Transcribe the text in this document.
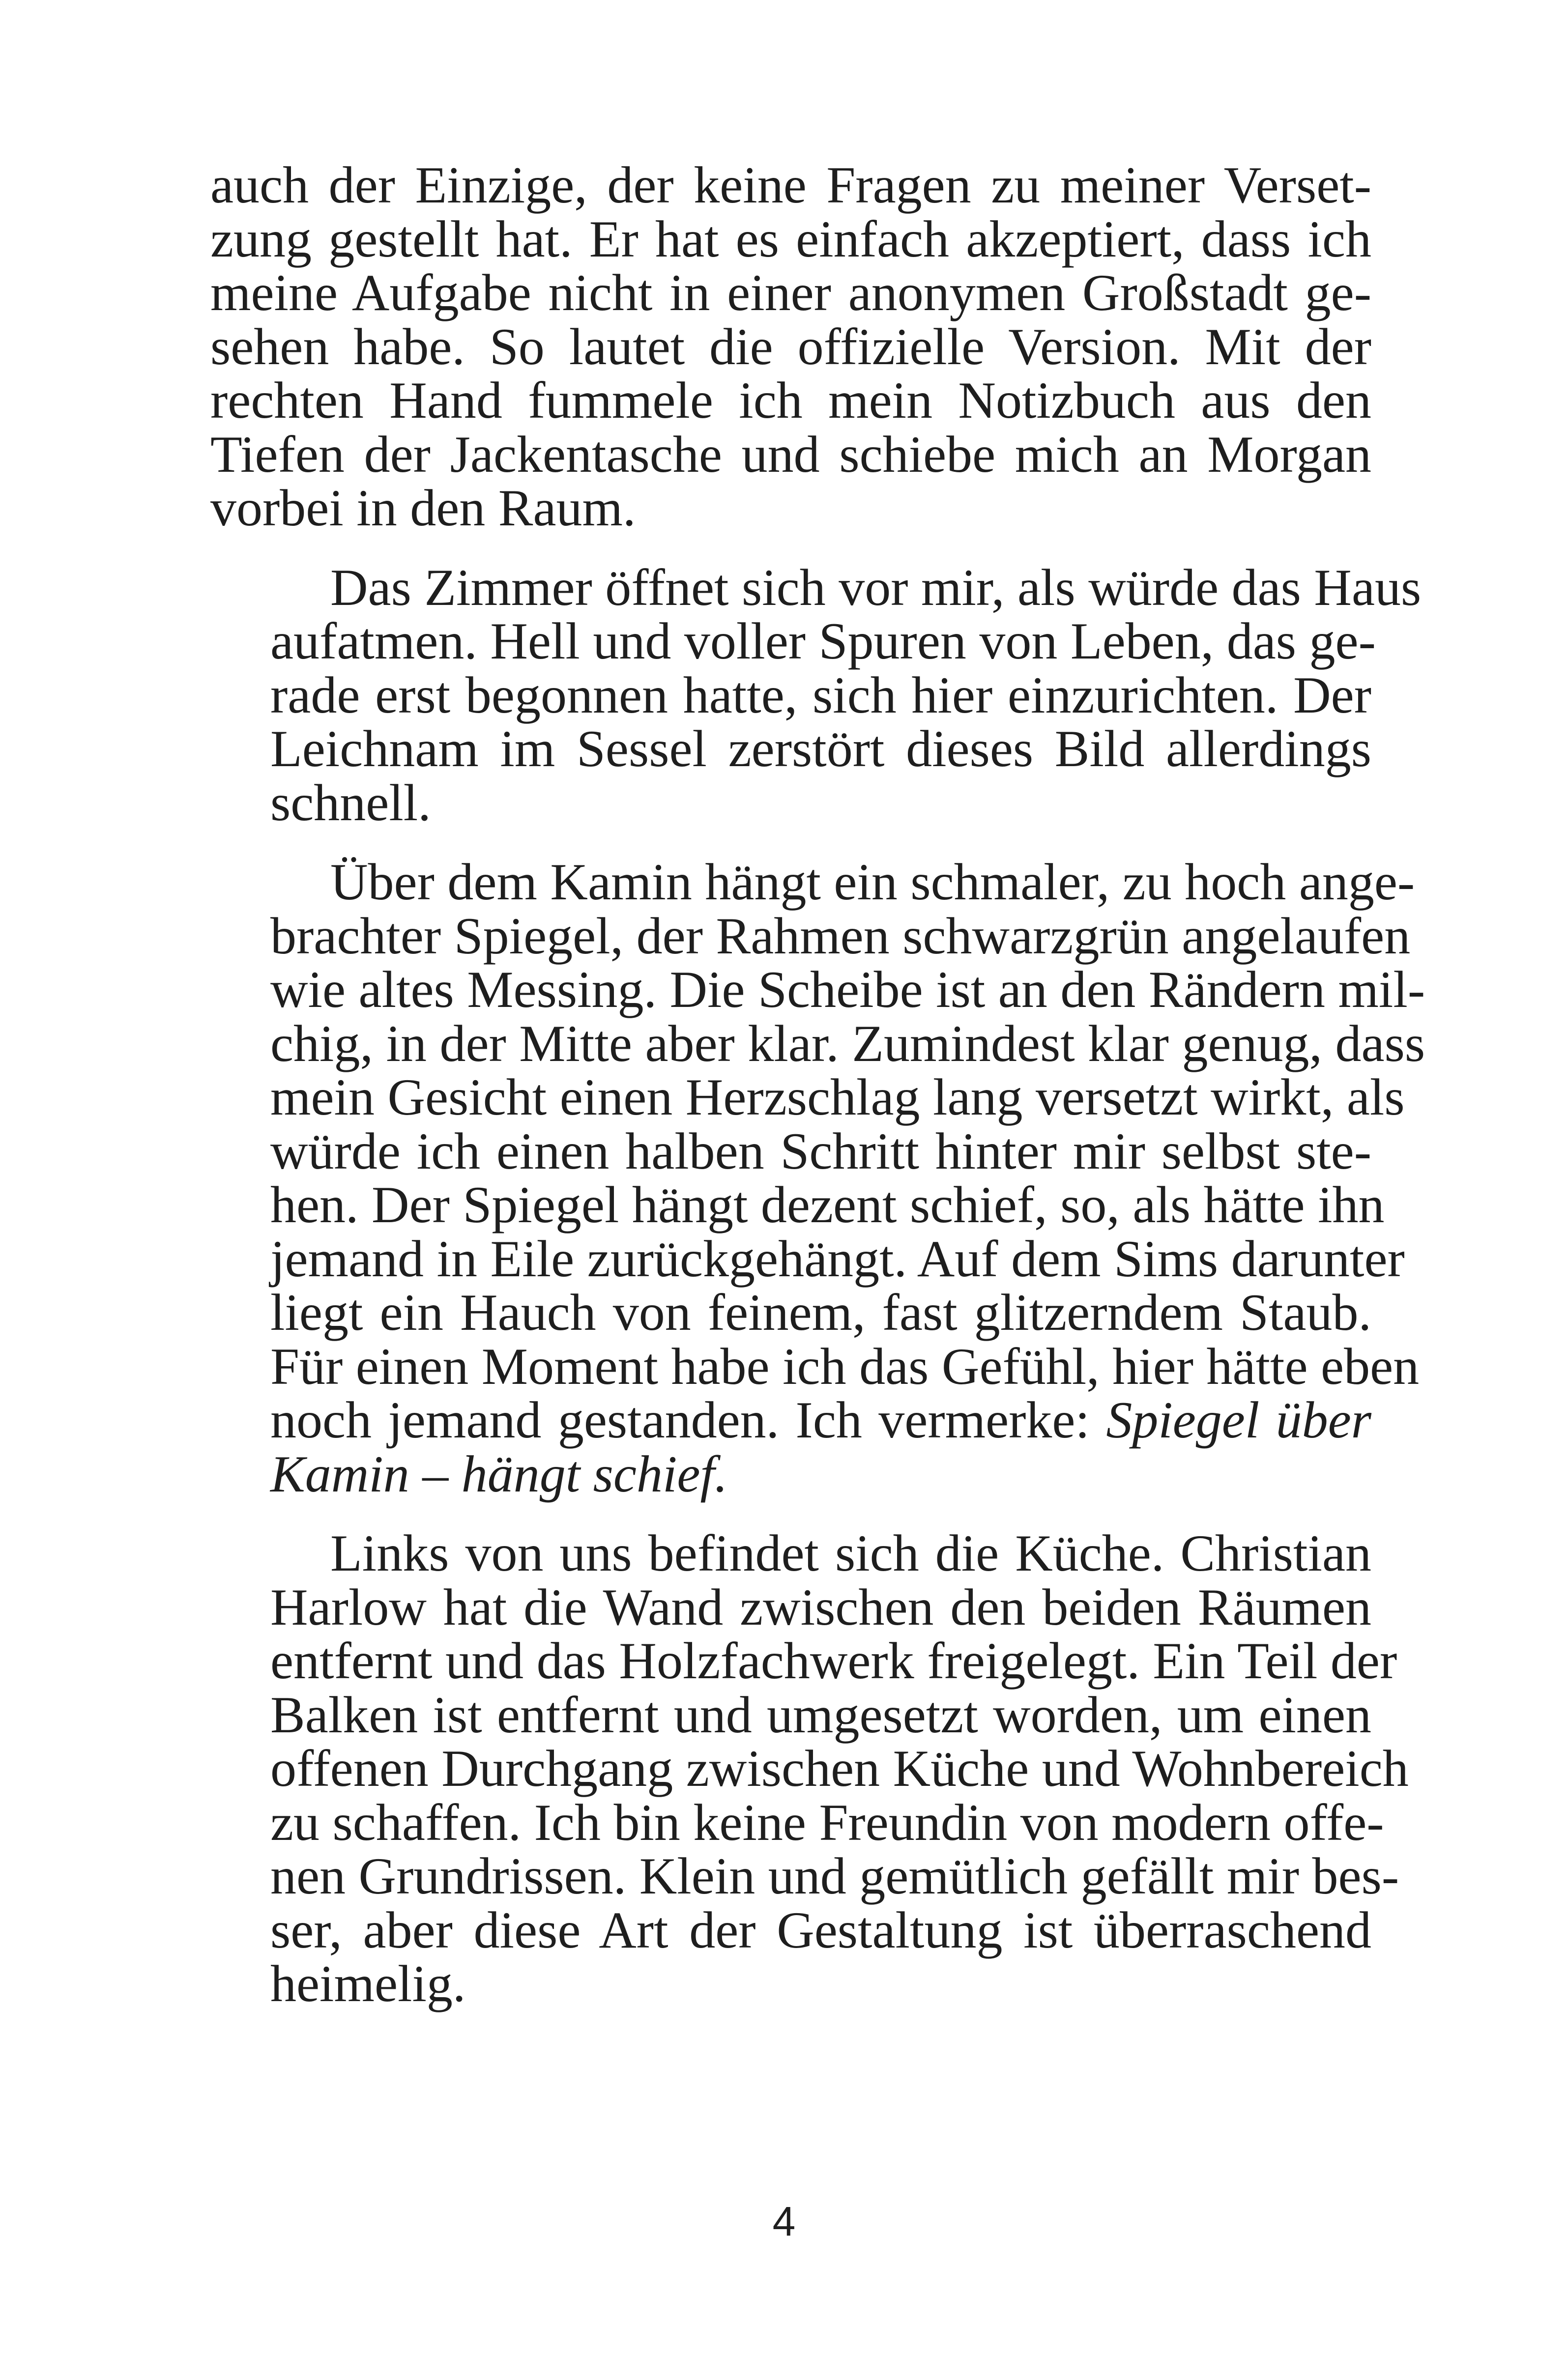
auch der Einzige, der keine Fragen zu meiner Verset-
zung gestellt hat. Er hat es einfach akzeptiert, dass ich
meine Aufgabe nicht in einer anonymen Großstadt ge-
sehen habe. So lautet die offizielle Version. Mit der
rechten Hand fummele ich mein Notizbuch aus den
Tiefen der Jackentasche und schiebe mich an Morgan
vorbei in den Raum.

Das Zimmer öffnet sich vor mir, als würde das Haus
aufatmen. Hell und voller Spuren von Leben, das ge-
rade erst begonnen hatte, sich hier einzurichten. Der
Leichnam im Sessel zerstört dieses Bild allerdings
schnell.

Über dem Kamin hängt ein schmaler, zu hoch ange-
brachter Spiegel, der Rahmen schwarzgrün angelaufen
wie altes Messing. Die Scheibe ist an den Rändern mil-
chig, in der Mitte aber klar. Zumindest klar genug, dass
mein Gesicht einen Herzschlag lang versetzt wirkt, als
würde ich einen halben Schritt hinter mir selbst ste-
hen. Der Spiegel hängt dezent schief, so, als hätte ihn
jemand in Eile zurückgehängt. Auf dem Sims darunter
liegt ein Hauch von feinem, fast glitzerndem Staub.
Für einen Moment habe ich das Gefühl, hier hätte eben
noch jemand gestanden. Ich vermerke: Spiegel über
Kamin – hängt schief.

Links von uns befindet sich die Küche. Christian
Harlow hat die Wand zwischen den beiden Räumen
entfernt und das Holzfachwerk freigelegt. Ein Teil der
Balken ist entfernt und umgesetzt worden, um einen
offenen Durchgang zwischen Küche und Wohnbereich
zu schaffen. Ich bin keine Freundin von modern offe-
nen Grundrissen. Klein und gemütlich gefällt mir bes-
ser, aber diese Art der Gestaltung ist überraschend
heimelig.

4
